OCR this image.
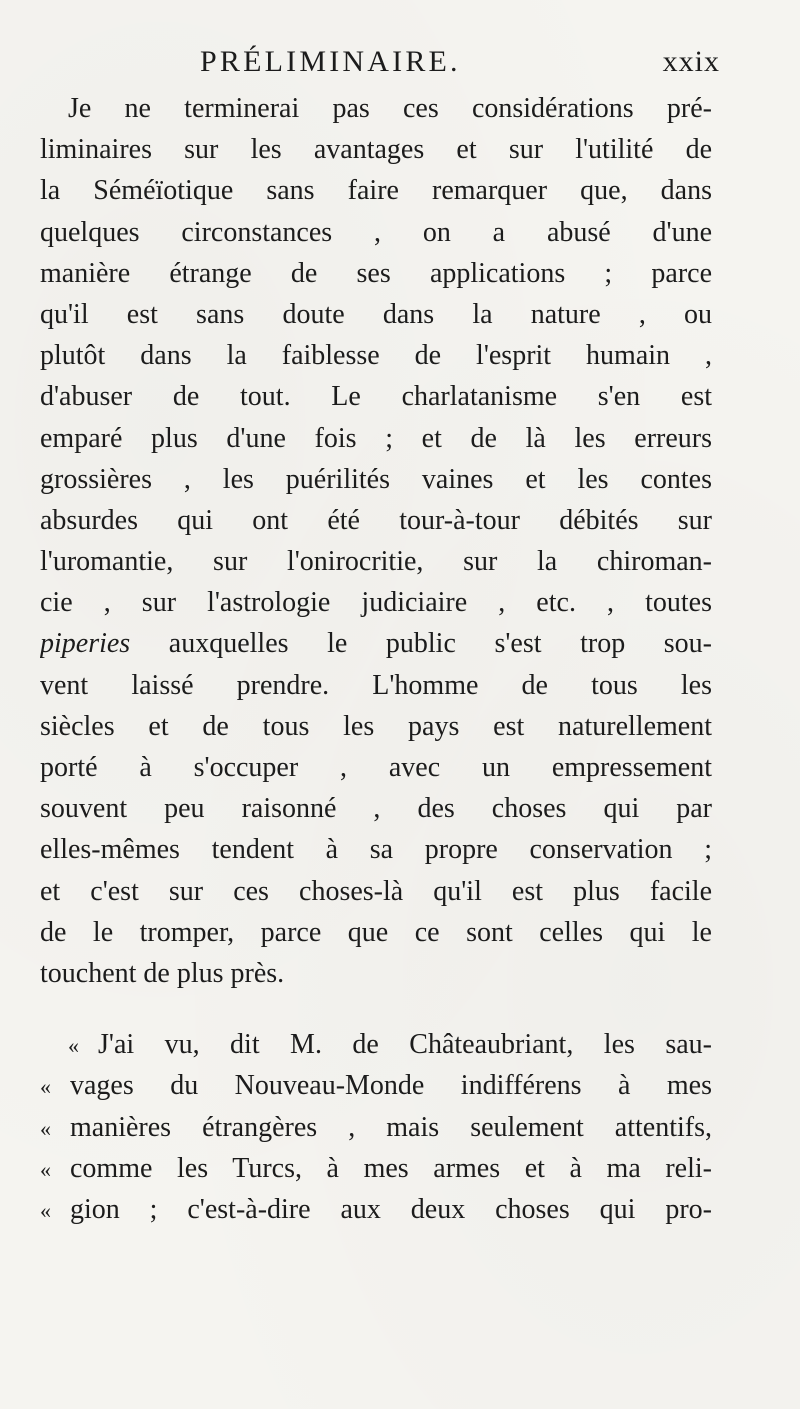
PRÉLIMINAIRE.	xxix
Je ne terminerai pas ces considérations pré-
liminaires sur les avantages et sur l'utilité de
la Séméïotique sans faire remarquer que, dans
quelques circonstances , on a abusé d'une
manière étrange de ses applications ; parce
qu'il est sans doute dans la nature , ou
plutôt dans la faiblesse de l'esprit humain ,
d'abuser de tout. Le charlatanisme s'en est
emparé plus d'une fois ; et de là les erreurs
grossières , les puérilités vaines et les contes
absurdes qui ont été tour-à-tour débités sur
l'uromantie, sur l'onirocritie, sur la chiroman-
cie , sur l'astrologie judiciaire , etc. , toutes
piperies auxquelles le public s'est trop sou-
vent laissé prendre. L'homme de tous les
siècles et de tous les pays est naturellement
porté à s'occuper , avec un empressement
souvent peu raisonné , des choses qui par
elles-mêmes tendent à sa propre conservation ;
et c'est sur ces choses-là qu'il est plus facile
de le tromper, parce que ce sont celles qui le
touchent de plus près.
« J'ai vu, dit M. de Châteaubriant, les sau-
« vages du Nouveau-Monde indifférens à mes
« manières étrangères , mais seulement attentifs,
« comme les Turcs, à mes armes et à ma reli-
« gion ; c'est-à-dire aux deux choses qui pro-
